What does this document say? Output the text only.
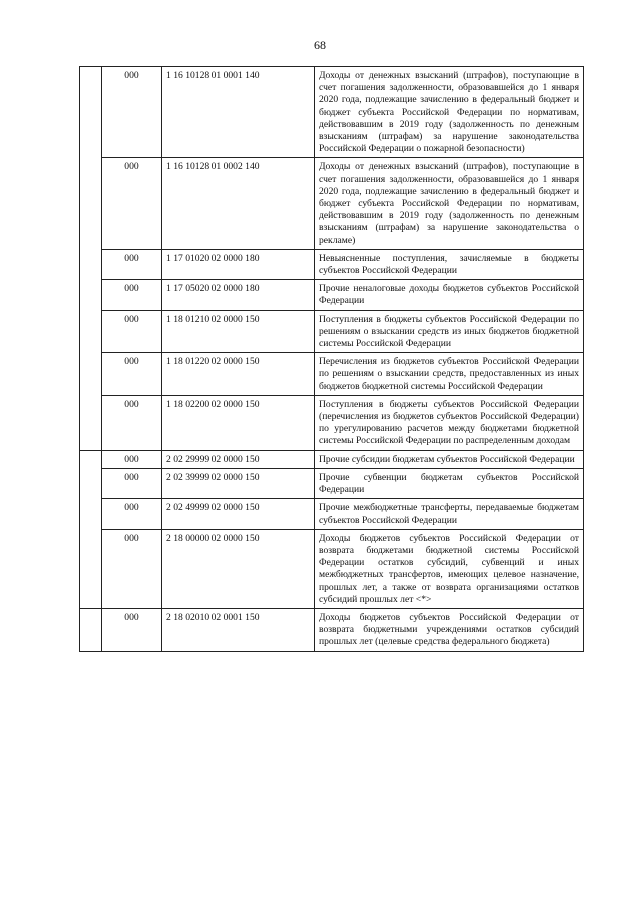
68
	000	1 16 10128 01 0001 140	Доходы от денежных взысканий (штрафов), поступающие в счет погашения задолженности, образовавшейся до 1 января 2020 года, подлежащие зачислению в федеральный бюджет и бюджет субъекта Российской Федерации по нормативам, действовавшим в 2019 году (задолженность по денежным взысканиям (штрафам) за нарушение законодательства Российской Федерации о пожарной безопасности)
	000	1 16 10128 01 0002 140	Доходы от денежных взысканий (штрафов), поступающие в счет погашения задолженности, образовавшейся до 1 января 2020 года, подлежащие зачислению в федеральный бюджет и бюджет субъекта Российской Федерации по нормативам, действовавшим в 2019 году (задолженность по денежным взысканиям (штрафам) за нарушение законодательства о рекламе)
	000	1 17 01020 02 0000 180	Невыясненные поступления, зачисляемые в бюджеты субъектов Российской Федерации
	000	1 17 05020 02 0000 180	Прочие неналоговые доходы бюджетов субъектов Российской Федерации
	000	1 18 01210 02 0000 150	Поступления в бюджеты субъектов Российской Федерации по решениям о взыскании средств из иных бюджетов бюджетной системы Российской Федерации
	000	1 18 01220 02 0000 150	Перечисления из бюджетов субъектов Российской Федерации по решениям о взыскании средств, предоставленных из иных бюджетов бюджетной системы Российской Федерации
	000	1 18 02200 02 0000 150	Поступления в бюджеты субъектов Российской Федерации (перечисления из бюджетов субъектов Российской Федерации) по урегулированию расчетов между бюджетами бюджетной системы Российской Федерации по распределенным доходам
	000	2 02 29999 02 0000 150	Прочие субсидии бюджетам субъектов Российской Федерации
	000	2 02 39999 02 0000 150	Прочие субвенции бюджетам субъектов Российской Федерации
	000	2 02 49999 02 0000 150	Прочие межбюджетные трансферты, передаваемые бюджетам субъектов Российской Федерации
	000	2 18 00000 02 0000 150	Доходы бюджетов субъектов Российской Федерации от возврата бюджетами бюджетной системы Российской Федерации остатков субсидий, субвенций и иных межбюджетных трансфертов, имеющих целевое назначение, прошлых лет, а также от возврата организациями остатков субсидий прошлых лет <*>
	000	2 18 02010 02 0001 150	Доходы бюджетов субъектов Российской Федерации от возврата бюджетными учреждениями остатков субсидий прошлых лет (целевые средства федерального бюджета)
